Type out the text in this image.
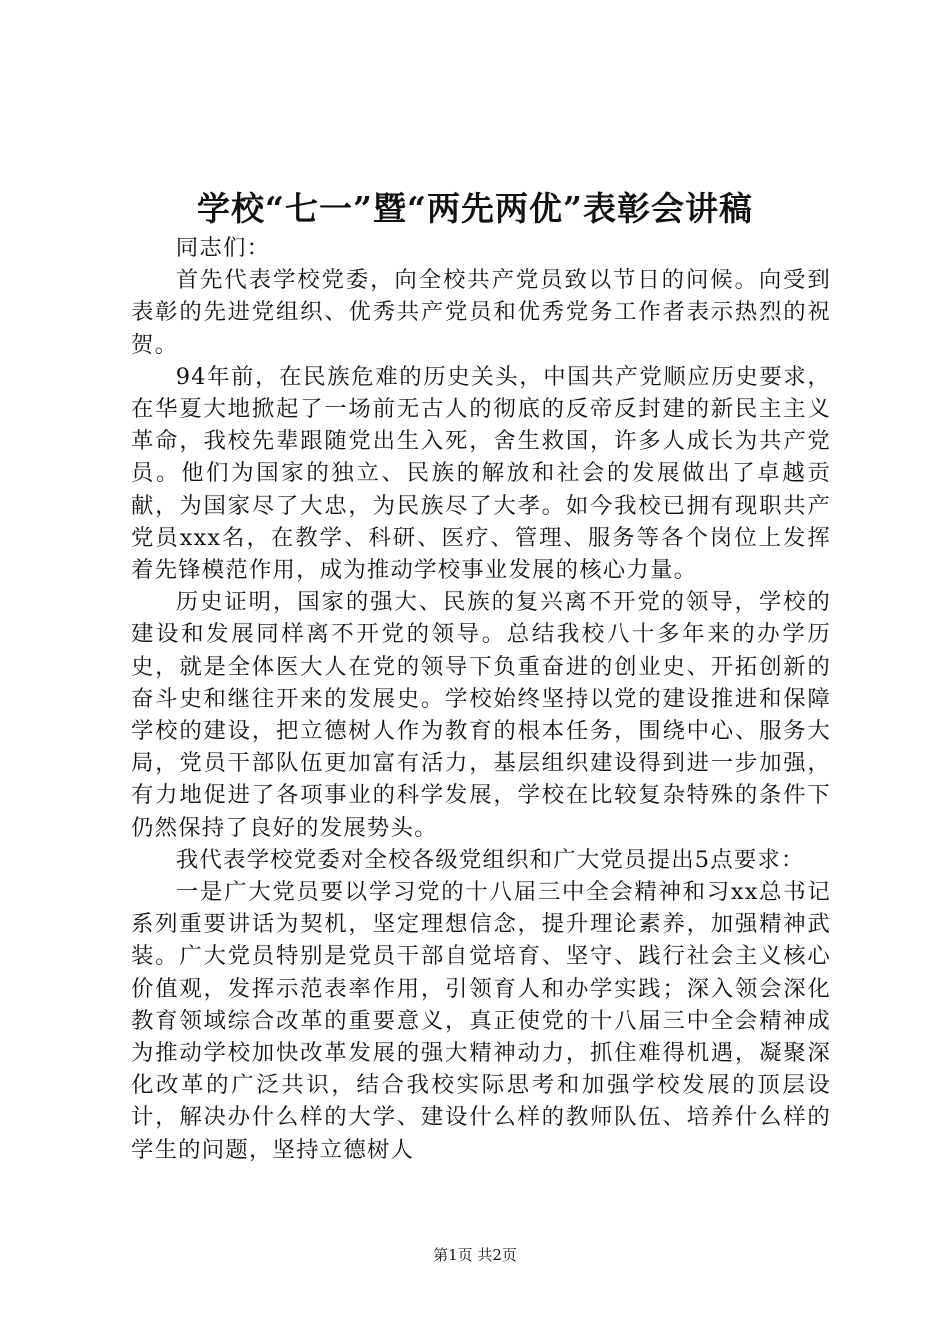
学校“七一”暨“两先两优”表彰会讲稿

同志们：

首先代表学校党委，向全校共产党员致以节日的问候。向受到表彰的先进党组织、优秀共产党员和优秀党务工作者表示热烈的祝贺。

94年前，在民族危难的历史关头，中国共产党顺应历史要求，在华夏大地掀起了一场前无古人的彻底的反帝反封建的新民主主义革命，我校先辈跟随党出生入死，舍生救国，许多人成长为共产党员。他们为国家的独立、民族的解放和社会的发展做出了卓越贡献，为国家尽了大忠，为民族尽了大孝。如今我校已拥有现职共产党员xxx名，在教学、科研、医疗、管理、服务等各个岗位上发挥着先锋模范作用，成为推动学校事业发展的核心力量。

历史证明，国家的强大、民族的复兴离不开党的领导，学校的建设和发展同样离不开党的领导。总结我校八十多年来的办学历史，就是全体医大人在党的领导下负重奋进的创业史、开拓创新的奋斗史和继往开来的发展史。学校始终坚持以党的建设推进和保障学校的建设，把立德树人作为教育的根本任务，围绕中心、服务大局，党员干部队伍更加富有活力，基层组织建设得到进一步加强，有力地促进了各项事业的科学发展，学校在比较复杂特殊的条件下仍然保持了良好的发展势头。

我代表学校党委对全校各级党组织和广大党员提出5点要求：

一是广大党员要以学习党的十八届三中全会精神和习xx总书记系列重要讲话为契机，坚定理想信念，提升理论素养，加强精神武装。广大党员特别是党员干部自觉培育、坚守、践行社会主义核心价值观，发挥示范表率作用，引领育人和办学实践；深入领会深化教育领域综合改革的重要意义，真正使党的十八届三中全会精神成为推动学校加快改革发展的强大精神动力，抓住难得机遇，凝聚深化改革的广泛共识，结合我校实际思考和加强学校发展的顶层设计，解决办什么样的大学、建设什么样的教师队伍、培养什么样的学生的问题，坚持立德树人

第1页 共2页
